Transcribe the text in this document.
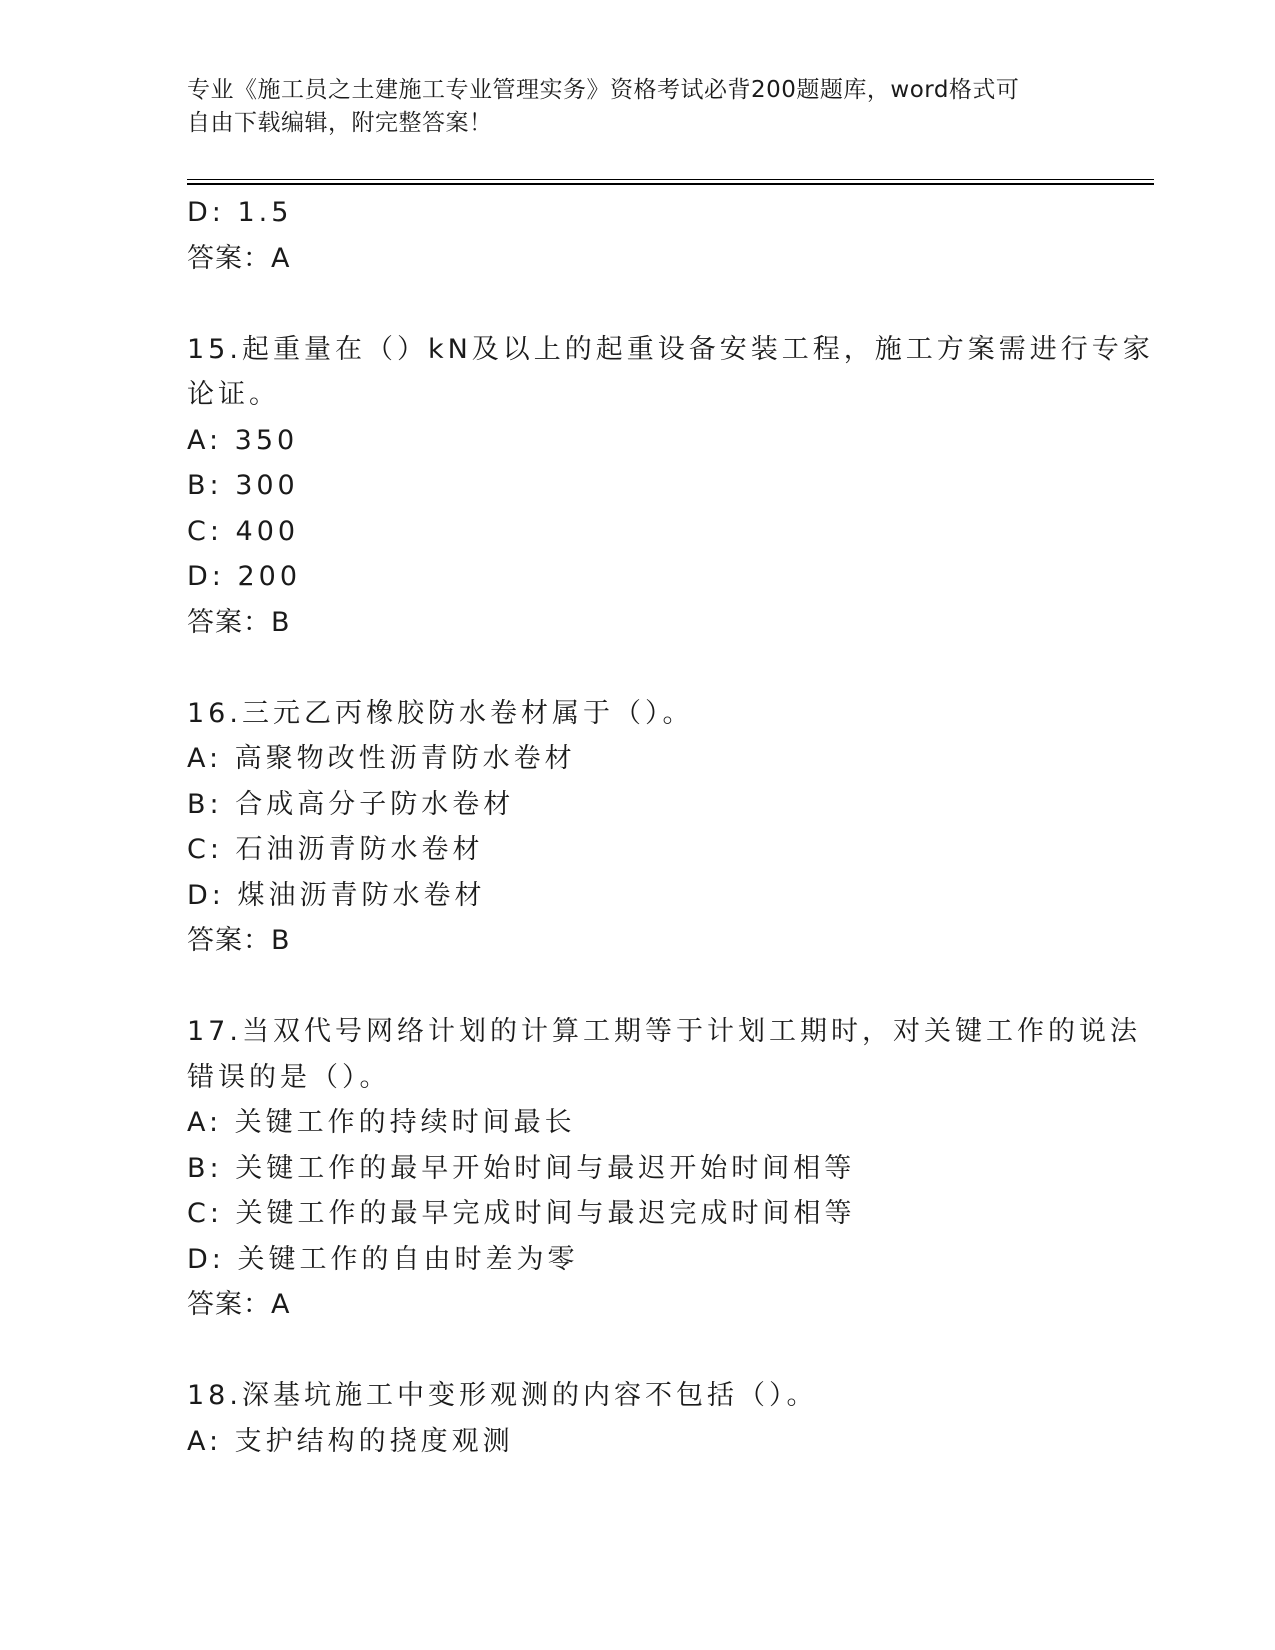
专业《施工员之土建施工专业管理实务》资格考试必背200题题库，word格式可
自由下载编辑，附完整答案！
D: 1.5
答案：A
15.起重量在（）kN及以上的起重设备安装工程，施工方案需进行专家
论证。
A: 350
B: 300
C: 400
D: 200
答案：B
16.三元乙丙橡胶防水卷材属于（）。
A: 高聚物改性沥青防水卷材
B: 合成高分子防水卷材
C: 石油沥青防水卷材
D: 煤油沥青防水卷材
答案：B
17.当双代号网络计划的计算工期等于计划工期时，对关键工作的说法
错误的是（）。
A: 关键工作的持续时间最长
B: 关键工作的最早开始时间与最迟开始时间相等
C: 关键工作的最早完成时间与最迟完成时间相等
D: 关键工作的自由时差为零
答案：A
18.深基坑施工中变形观测的内容不包括（）。
A: 支护结构的挠度观测
